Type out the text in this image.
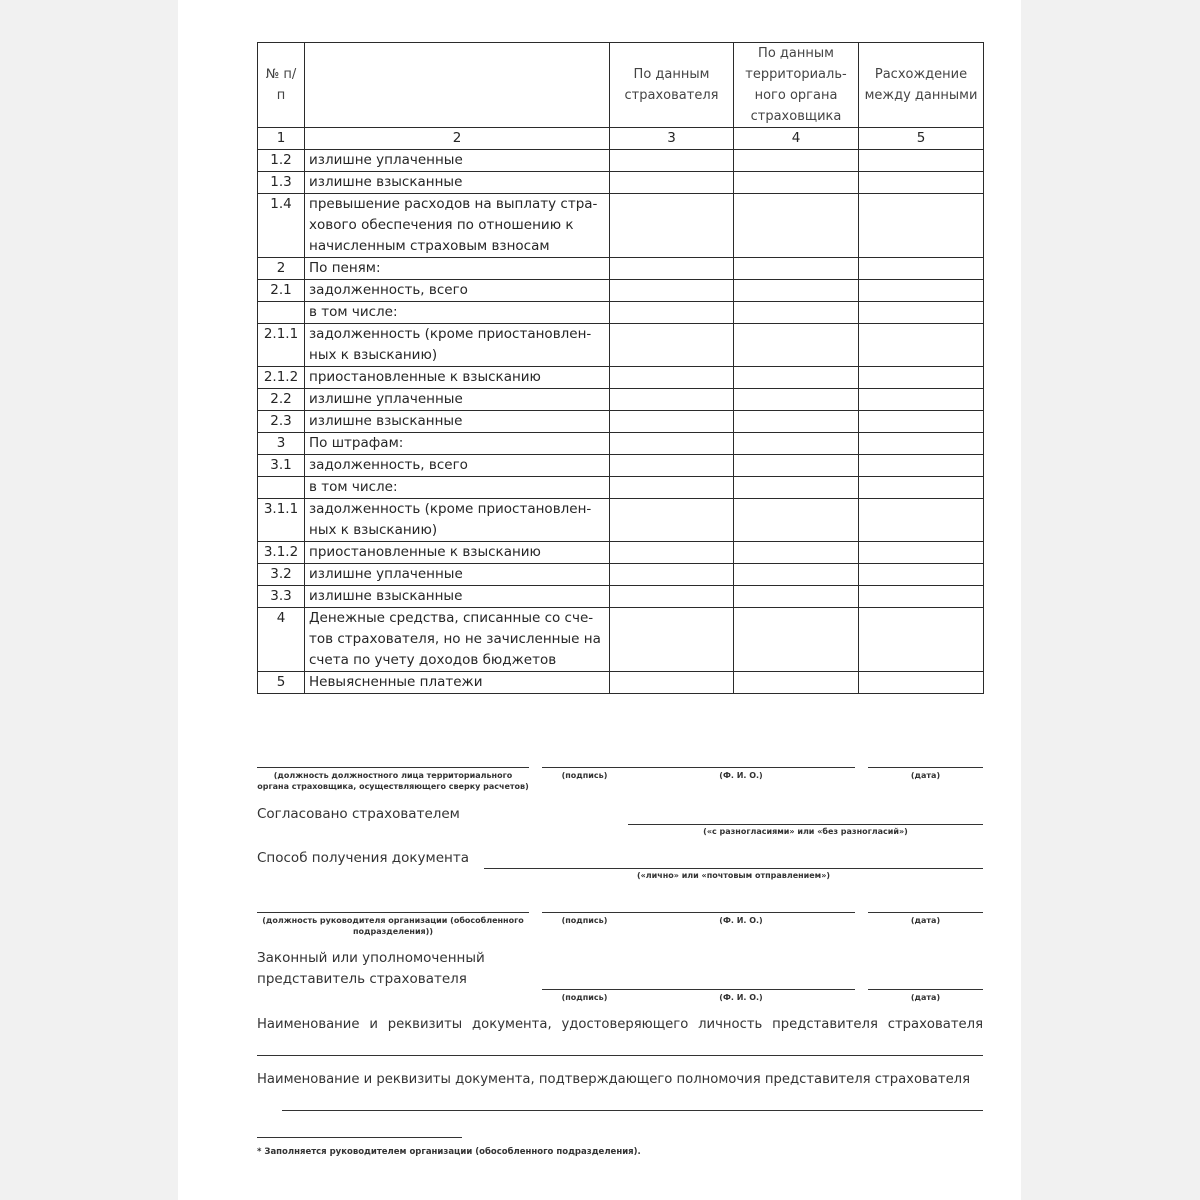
№ п/п		По данным страхователя	По данным территориаль-ного органа страховщика	Расхождение между данными
1	2	3	4	5
1.2	излишне уплаченные			
1.3	излишне взысканные			
1.4	превышение расходов на выплату стра-хового обеспечения по отношению к начисленным страховым взносам			
2	По пеням:			
2.1	задолженность, всего			
	в том числе:			
2.1.1	задолженность (кроме приостановлен-ных к взысканию)			
2.1.2	приостановленные к взысканию			
2.2	излишне уплаченные			
2.3	излишне взысканные			
3	По штрафам:			
3.1	задолженность, всего			
	в том числе:			
3.1.1	задолженность (кроме приостановлен-ных к взысканию)			
3.1.2	приостановленные к взысканию			
3.2	излишне уплаченные			
3.3	излишне взысканные			
4	Денежные средства, списанные со сче-тов страхователя, но не зачисленные на счета по учету доходов бюджетов			
5	Невыясненные платежи			
(должность должностного лица территориального органа страховщика, осуществляющего сверку расчетов)
(подпись)	(Ф. И. О.)	(дата)
Согласовано страхователем
(«с разногласиями» или «без разногласий»)
Способ получения документа
(«лично» или «почтовым отправлением»)
(должность руководителя организации (обособленного подразделения))
(подпись)	(Ф. И. О.)	(дата)
Законный или уполномоченный представитель страхователя
(подпись)	(Ф. И. О.)	(дата)
Наименование и реквизиты документа, удостоверяющего личность представителя страхователя
Наименование и реквизиты документа, подтверждающего полномочия представителя страхователя
* Заполняется руководителем организации (обособленного подразделения).
